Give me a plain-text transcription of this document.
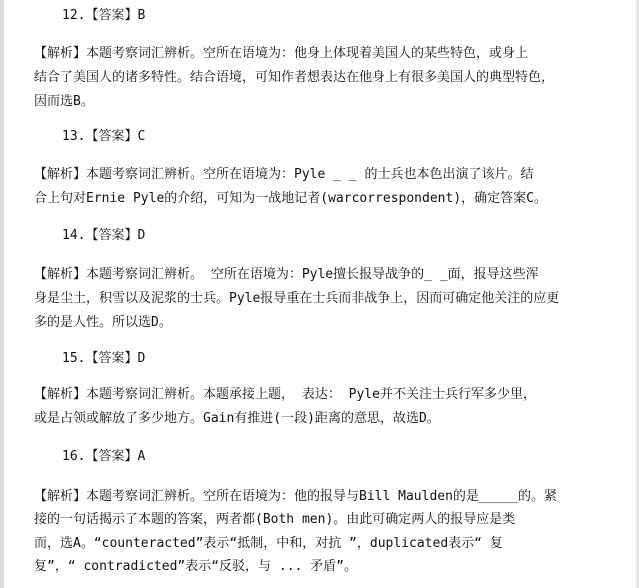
12.【答案】B
【解析】本题考察词汇辨析。空所在语境为：他身上体现着美国人的某些特色，或身上
结合了美国人的诸多特性。结合语境，可知作者想表达在他身上有很多美国人的典型特色，
因而选B。
13.【答案】C
【解析】本题考察词汇辨析。空所在语境为：Pyle _ _ 的士兵也本色出演了该片。结
合上句对Ernie Pyle的介绍，可知为一战地记者(warcorrespondent)，确定答案C。
14.【答案】D
【解析】本题考察词汇辨析。 空所在语境为：Pyle擅长报导战争的_ _面，报导这些浑
身是尘土，积雪以及泥浆的士兵。Pyle报导重在士兵而非战争上，因而可确定他关注的应更
多的是人性。所以选D。
15.【答案】D
【解析】本题考察词汇辨析。本题承接上题， 表达： Pyle并不关注士兵行军多少里，
或是占领或解放了多少地方。Gain有推进(一段)距离的意思，故选D。
16.【答案】A
【解析】本题考察词汇辨析。空所在语境为：他的报导与Bill Maulden的是_____的。紧
接的一句话揭示了本题的答案，两者都(Both men)。由此可确定两人的报导应是类
而，选A。“counteracted”表示“抵制，中和，对抗 ”，duplicated表示“ 复
复”，“ contradicted”表示“反驳，与 ... 矛盾”。
